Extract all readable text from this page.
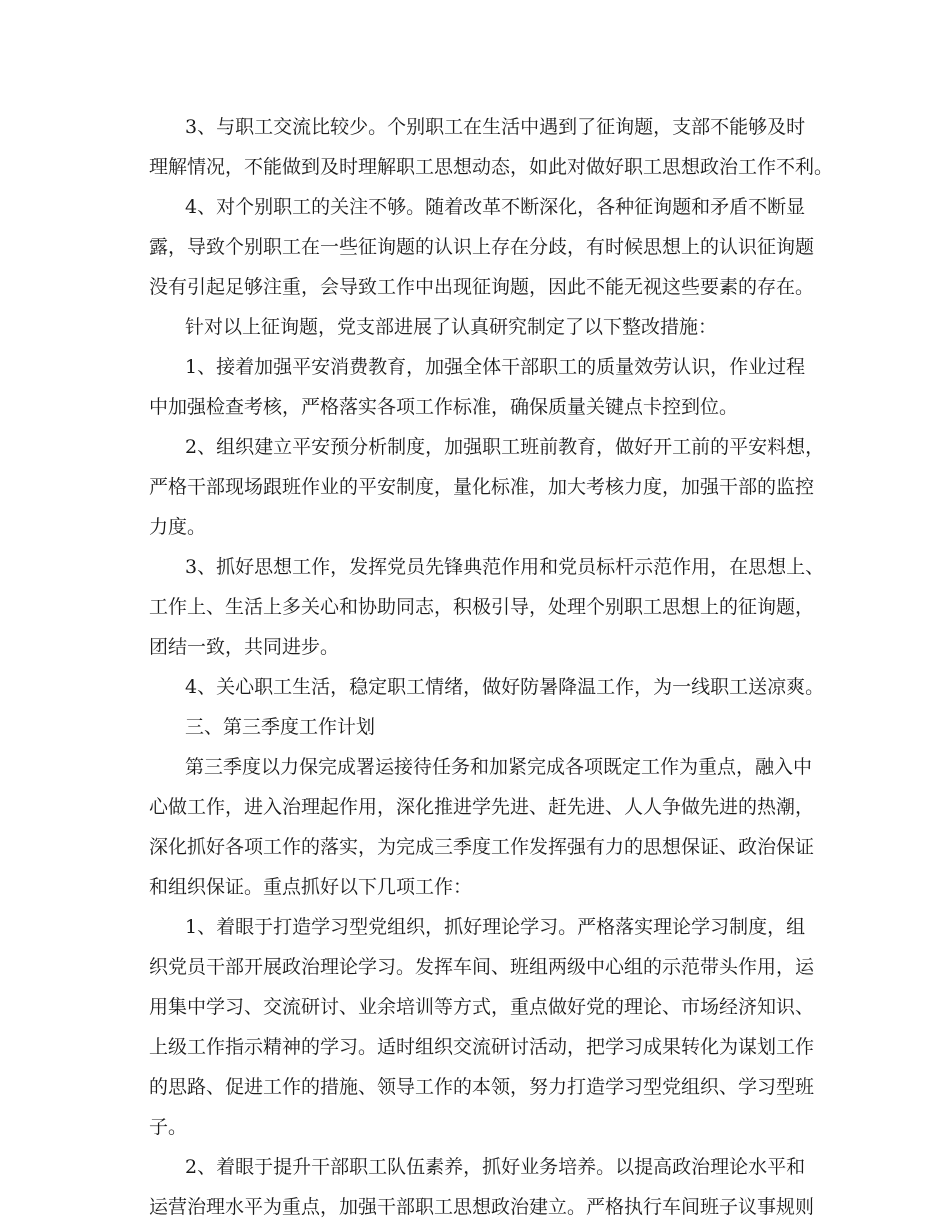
3、与职工交流比较少。个别职工在生活中遇到了征询题，支部不能够及时
理解情况，不能做到及时理解职工思想动态，如此对做好职工思想政治工作不利。
4、对个别职工的关注不够。随着改革不断深化，各种征询题和矛盾不断显
露，导致个别职工在一些征询题的认识上存在分歧，有时候思想上的认识征询题
没有引起足够注重，会导致工作中出现征询题，因此不能无视这些要素的存在。
针对以上征询题，党支部进展了认真研究制定了以下整改措施：
1、接着加强平安消费教育，加强全体干部职工的质量效劳认识，作业过程
中加强检查考核，严格落实各项工作标准，确保质量关键点卡控到位。
2、组织建立平安预分析制度，加强职工班前教育，做好开工前的平安料想，
严格干部现场跟班作业的平安制度，量化标准，加大考核力度，加强干部的监控
力度。
3、抓好思想工作，发挥党员先锋典范作用和党员标杆示范作用，在思想上、
工作上、生活上多关心和协助同志，积极引导，处理个别职工思想上的征询题，
团结一致，共同进步。
4、关心职工生活，稳定职工情绪，做好防暑降温工作，为一线职工送凉爽。
三、第三季度工作计划
第三季度以力保完成署运接待任务和加紧完成各项既定工作为重点，融入中
心做工作，进入治理起作用，深化推进学先进、赶先进、人人争做先进的热潮，
深化抓好各项工作的落实，为完成三季度工作发挥强有力的思想保证、政治保证
和组织保证。重点抓好以下几项工作：
1、着眼于打造学习型党组织，抓好理论学习。严格落实理论学习制度，组
织党员干部开展政治理论学习。发挥车间、班组两级中心组的示范带头作用，运
用集中学习、交流研讨、业余培训等方式，重点做好党的理论、市场经济知识、
上级工作指示精神的学习。适时组织交流研讨活动，把学习成果转化为谋划工作
的思路、促进工作的措施、领导工作的本领，努力打造学习型党组织、学习型班
子。
2、着眼于提升干部职工队伍素养，抓好业务培养。以提高政治理论水平和
运营治理水平为重点，加强干部职工思想政治建立。严格执行车间班子议事规则
